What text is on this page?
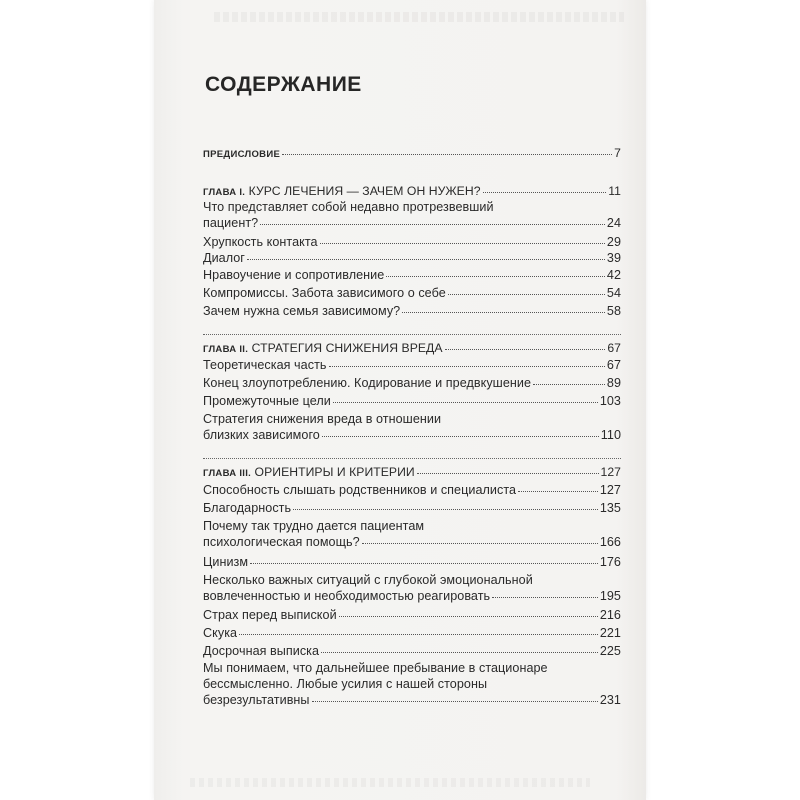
СОДЕРЖАНИЕ
ПРЕДИСЛОВИЕ	7
ГЛАВА I. КУРС ЛЕЧЕНИЯ — ЗАЧЕМ ОН НУЖЕН?	11
Что представляет собой недавно протрезвевший
пациент?	24
Хрупкость контакта	29
Диалог	39
Нравоучение и сопротивление	42
Компромиссы. Забота зависимого о себе	54
Зачем нужна семья зависимому?	58
ГЛАВА II. СТРАТЕГИЯ СНИЖЕНИЯ ВРЕДА	67
Теоретическая часть	67
Конец злоупотреблению. Кодирование и предвкушение	89
Промежуточные цели	103
Стратегия снижения вреда в отношении
близких зависимого	110
ГЛАВА III. ОРИЕНТИРЫ И КРИТЕРИИ	127
Способность слышать родственников и специалиста	127
Благодарность	135
Почему так трудно дается пациентам
психологическая помощь?	166
Цинизм	176
Несколько важных ситуаций с глубокой эмоциональной
вовлеченностью и необходимостью реагировать	195
Страх перед выпиской	216
Скука	221
Досрочная выписка	225
Мы понимаем, что дальнейшее пребывание в стационаре
бессмысленно. Любые усилия с нашей стороны
безрезультативны	231
